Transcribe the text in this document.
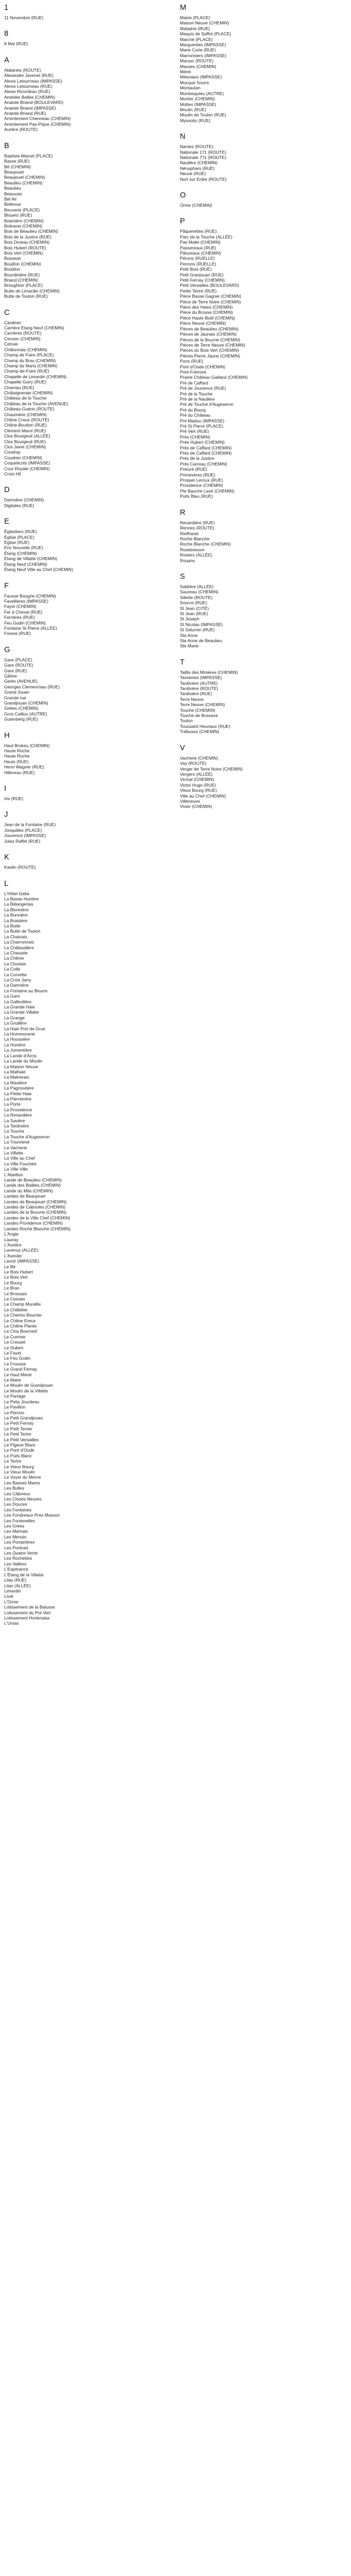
1
11 Novembre (RUE)
8
8 Mai (RUE)
A
Abbarets (ROUTE)
Alexandre Javenet (RUE)
Alexis Letourneau (IMPASSE)
Alexis Letourneau (RUE)
Alexis Ricordeau (RUE)
Amédée Bollée (CHEMIN)
Anatole Briand (BOULEVARD)
Anatole Briand (IMPASSE)
Anatole Briand (RUE)
Arrentement Chenneau (CHEMIN)
Arrentement Pas-Pique (CHEMIN)
Aurière (ROUTE)
B
Baptiste Marcet (PLACE)
Basse (RUE)
Bé (CHEMIN)
Beaujouet
Beaujouet (CHEMIN)
Beaulieu (CHEMIN)
Beaulieu
Beauvais
Bel Air
Bellevue
Beuverie (PLACE)
Blouets (RUE)
Boisnière (CHEMIN)
Bolinerie (CHEMIN)
Bois de Beaulieu (CHEMIN)
Bois de la Justice (RUE)
Bois Doreau (CHEMIN)
Bois Hubert (ROUTE)
Bois Vert (CHEMIN)
Bossean
Bouillon (CHEMIN)
Bouldon
Bourdinière (RUE)
Briand (CHEMIN)
Broughton (PLACE)
Butte de Limardin (CHEMIN)
Butte de Toulon (RUE)
C
Cardinet
Carrière Étang Neuf (CHEMIN)
Carrières (ROUTE)
Censier (CHEMIN)
Cetrais
Châlonnais (CHEMIN)
Champ de Foire (PLACE)
Champ du Bras (CHEMIN)
Champ du Maris (CHEMIN)
Champ-de-Foire (RUE)
Chapelle de Limardin (CHEMIN)
Chapelle Guiry (RUE)
Charriau (RUE)
Châtaigneraie (CHEMIN)
Château de la Touche
Château de la Touche (AVENUE)
Château-Guérin (ROUTE)
Chaumière (CHEMIN)
Chêne Creux (ROUTE)
Chêne-Boutton (RUE)
Clément Marot (RUE)
Clos Bourgeuil (ALLÉE)
Clos Bourgeuil (RUE)
Clos Javet (CHEMIN)
Coudray
Coudrier (CHEMIN)
Coquelicots (IMPASSE)
Cour Royale (CHEMIN)
Croix-Hil
D
Damoline (CHEMIN)
Digitales (RUE)
E
Églantiers (RUE)
Église (PLACE)
Église (RUE)
Eric Nouvelle (RUE)
Étang (CHEMIN)
Étang de Villatte (CHEMIN)
Étang Neuf (CHEMIN)
Étang Neuf Ville au Chef (CHEMIN)
F
Fausse Bougrie (CHEMIN)
Favellières (IMPASSE)
Fayet (CHEMIN)
Fer à Cheval (RUE)
Ferrières (RUE)
Feu Godin (CHEMIN)
Fontaine St Pierre (ALLÉE)
Fresne (RUE)
G
Gare (PLACE)
Gare (ROUTE)
Gare (RUE)
Gâtine
Gerlin (AVENUE)
Georges Clemenceau (RUE)
Grand Jouan
Grande rue
Grandjouan (CHEMIN)
Grèles (CHEMIN)
Gros Caillou (AUTRE)
Gutenberg (RUE)
H
Haut Brokeu (CHEMIN)
Haute Roche
Haute Roche
Heuls (RUE)
Henri Wagner (RUE)
Hillereau (RUE)
I
Iris (RUE)
J
Jean de la Fontaine (RUE)
Jonquilles (PLACE)
Jouvence (IMPASSE)
Jules Raffet (RUE)
K
Kaolin (ROUTE)
L
L'Hôtel Gebe
La Basse Hunière
La Bélangerias
La Blonnière
La Bonnière
La Braisière
La Butte
La Butte de Toulon
La Chainais
La Charronnais
La Châtaudière
La Chausée
La Chênie
La Cloutais
La Colle
La Corvette
La Croix Jarry
La Damoline
La Fontaine au Beurre
La Gare
La Gallerdière
La Grande Haie
La Grande Villatte
La Grange
La Gruillère
La Haie Port de Grue
La Hommonerie
La Houssière
La Hunière
La Jumentière
La Lande d'Arcis
La Lande du Moulin
La Maison Neuve
La Malhaie
La Malnerais
La Maulière
La Pagnoutière
La Petite Haie
La Pierreinère
La Porte
La Providence
La Renardière
La Savière
La Tardivière
La Touche
La Touche d'Augeseron
La Trionnerie
La Vacherie
La Villatte
La Ville au Chef
La Ville Fouchée
La Ville Ville
L'Abeillon
Lande de Beaulieu (CHEMIN)
Lande des Bailleis (CHEMIN)
Lande du Mila (CHEMIN)
Landes de Beaujouet
Landes de Beaujouet (CHEMIN)
Landes de Cabrioles (CHEMIN)
Landes de la Bouvrie (CHEMIN)
Landes de la Ville Chef (CHEMIN)
Landes Providence (CHEMIN)
Landes Roche Blanche (CHEMIN)
L'Angle
Launay
L'Aurière
Lavenus (ALLÉE)
L'Aveuler
Lavoir (IMPASSE)
Le Bé
Le Bois Hubert
Le Bois Vert
Le Bourg
Le Bran
Le Brossais
Le Censier
Le Champ Murallle
Le Châtelier
Le Chemin Bourrier
Le Chêne Ereux
Le Chêne Plante
Le Clos Bourned'
Le Cormier
Le Creuset
Le Dubert
Le Fayet
Le Feu Godin
Le Frousse
Le Grand Fernay
Le Haut Mérel
Le Maire
Le Moulin de Grandjouan
Le Moulin de la Villatte
Le Partage
Le Petis Jourdeau
Le Pavillon
Le Perrion
Le Petit Grandjouan
Le Petit Fernay
Le Petit Terrier
Le Petit Tertre
Le Petit Versailles
Le Pigeon Blanc
Le Pont d'Oude
Le Puits Blanc
Le Tertre
Le Vieux Bourg
Le Vieux Moulin
Le Voyer du Menre
Les Basses Mares
Les Bulles
Les Câbrreux
Les Closés Neuves
Les Douces
Les Fontaines
Les Fondreaux Pres Masson
Les Fontenelles
Les Grées
Les Marnais
Les Menuis
Les Pomprières
Les Pontrais
Les Quatre Vents
Les Rochettes
Les Vallées
L'Espérance
L'Étang de la Villatte
Lilas (RUE)
Lilas (ALLÉE)
Limardin
Lival
L'Orme
Lotissement de la Balusse
Lotissement du Pré Vert
Lotissement Hortensias
L'Ursas
M
Mairie (PLACE)
Maison Neuve (CHEMIN)
Maladrie (RUE)
Maquis de Saffré (PLACE)
Marché (PLACE)
Marguerites (IMPASSE)
Marie Curie (RUE)
Marronniers (IMPASSE)
Marsac (ROUTE)
Masses (CHEMIN)
Mérel
Mésnaies (IMPASSE)
Mocque Souris
Montaulan
Montesquieu (AUTRE)
Mortier (CHEMIN)
Mottes (IMPASSE)
Moulin (RUE)
Moulin de Toulon (RUE)
Myosotis (RUE)
N
Nantes (ROUTE)
Nationale 171 (ROUTE)
Nationale 771 (ROUTE)
Naulière (CHEMIN)
Nénuphars (RUE)
Neuve (RUE)
Nort sur Erdre (ROUTE)
O
Orme (CHEMIN)
P
Pâquerettes (RUE)
Parc de la Touche (ALLÉE)
Pas Malet (CHEMIN)
Passereaux (RUE)
Pâtureaux (CHEMIN)
Pérons (RUELLE)
Perrons (RUELLE)
Petit Bois (RUE)
Petit Granjouan (RUE)
Petit Fernay (CHEMIN)
Petit Versailles (BOULEVARD)
Petite Tertre (RUE)
Pièce Basse Gagner (CHEMIN)
Pièce de Terre Noire (CHEMIN)
Pièce des Haies (CHEMIN)
Pièce du Brosse (CHEMIN)
Pièce Haute Boël (CHEMIN)
Pièce Neuve (CHEMIN)
Pièces de Beaulieu (CHEMIN)
Pièces de Jaunais (CHEMIN)
Pièces de la Bourrie (CHEMIN)
Pièces de Terre Neuve (CHEMIN)
Pièces du Bois Vert (CHEMIN)
Pièces Pierre Jaune (CHEMIN)
Pons (RUE)
Pont d'Oude (CHEMIN)
Pont Frémont
Prairie Château Gaillard (CHEMIN)
Pré de Caffard
Pré de Jouvence (RUE)
Pré de la Touche
Pré de la Naulière
Pré de Touche d'Augeseron
Pré du Bourg
Pré du Château
Pré Madou (IMPASSE)
Pré St Pierre (PLACE)
Pré Vert (RUE)
Près (CHEMIN)
Prée Hubert (CHEMIN)
Prés de Caffard (CHEMIN)
Prés de Caffard (CHEMIN)
Prés de la Justice
Prés Carreau (CHEMIN)
Prieuré (RUE)
Primevères (RUE)
Prosper Leroux (RUE)
Providence (CHEMIN)
Pte Bauche Lavé (CHEMIN)
Puits Bleu (RUE)
R
Renardière (RUE)
Rennes (ROUTE)
Rieffranel
Roche Blanche
Roche Blanche (CHEMIN)
Roseboeuve
Rosiers (ALLÉE)
Rouans
S
Sablière (ALLÉE)
Sauzeau (CHEMIN)
Sillette (ROUTE)
Source (RUE)
St Jean (CITÉ)
St Jean (RUE)
St Joseph
St Nicolas (IMPASSE)
St Saturnin (RUE)
Ste Anne
Ste Anne de Beaulieu
Ste Marie
T
Taillis des Minières (CHEMIN)
Tanneries (IMPASSE)
Tardivière (AUTRE)
Tardivière (ROUTE)
Tardivière (RUE)
Terre Neuve
Terre Neuve (CHEMIN)
Touche (CHEMIN)
Touche de Bossave
Toulon
Toussaint Heuriaux (RUE)
Trébuses (CHEMIN)
V
Vacherie (CHEMIN)
Vay (ROUTE)
Verger de Terre Noire (CHEMIN)
Vergers (ALLÉE)
Vicinal (CHEMIN)
Victor Hugo (RUE)
Vieux Bourg (RUE)
Ville au Chef (CHEMIN)
Villeneuve
Vivier (CHEMIN)
